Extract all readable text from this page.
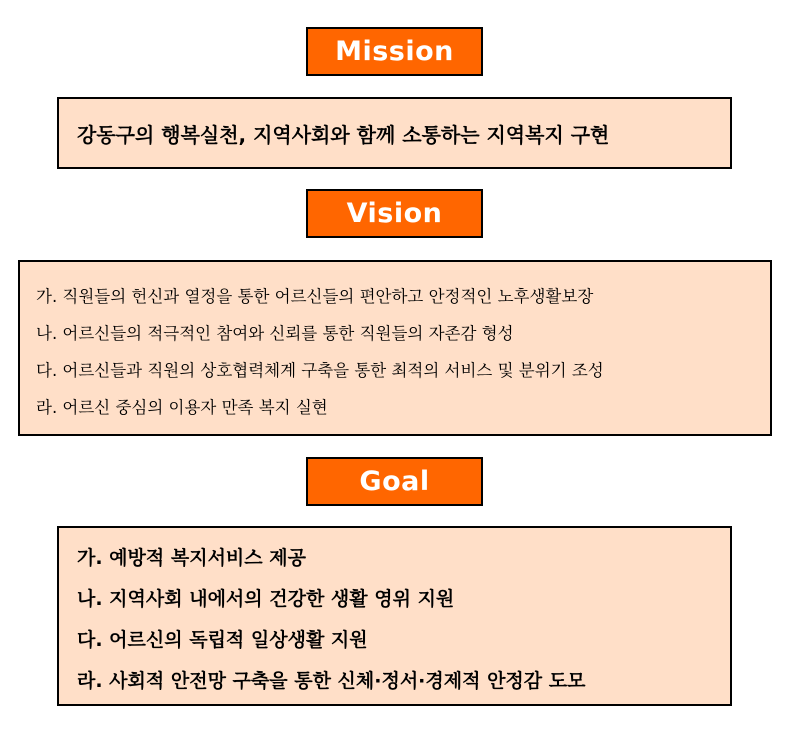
Mission
강동구의 행복실천, 지역사회와 함께 소통하는 지역복지 구현
Vision
가. 직원들의 헌신과 열정을 통한 어르신들의 편안하고 안정적인 노후생활보장
나. 어르신들의 적극적인 참여와 신뢰를 통한 직원들의 자존감 형성
다. 어르신들과 직원의 상호협력체계 구축을 통한 최적의 서비스 및 분위기 조성
라. 어르신 중심의 이용자 만족 복지 실현
Goal
가. 예방적 복지서비스 제공
나. 지역사회 내에서의 건강한 생활 영위 지원
다. 어르신의 독립적 일상생활 지원
라. 사회적 안전망 구축을 통한 신체·정서·경제적 안정감 도모
